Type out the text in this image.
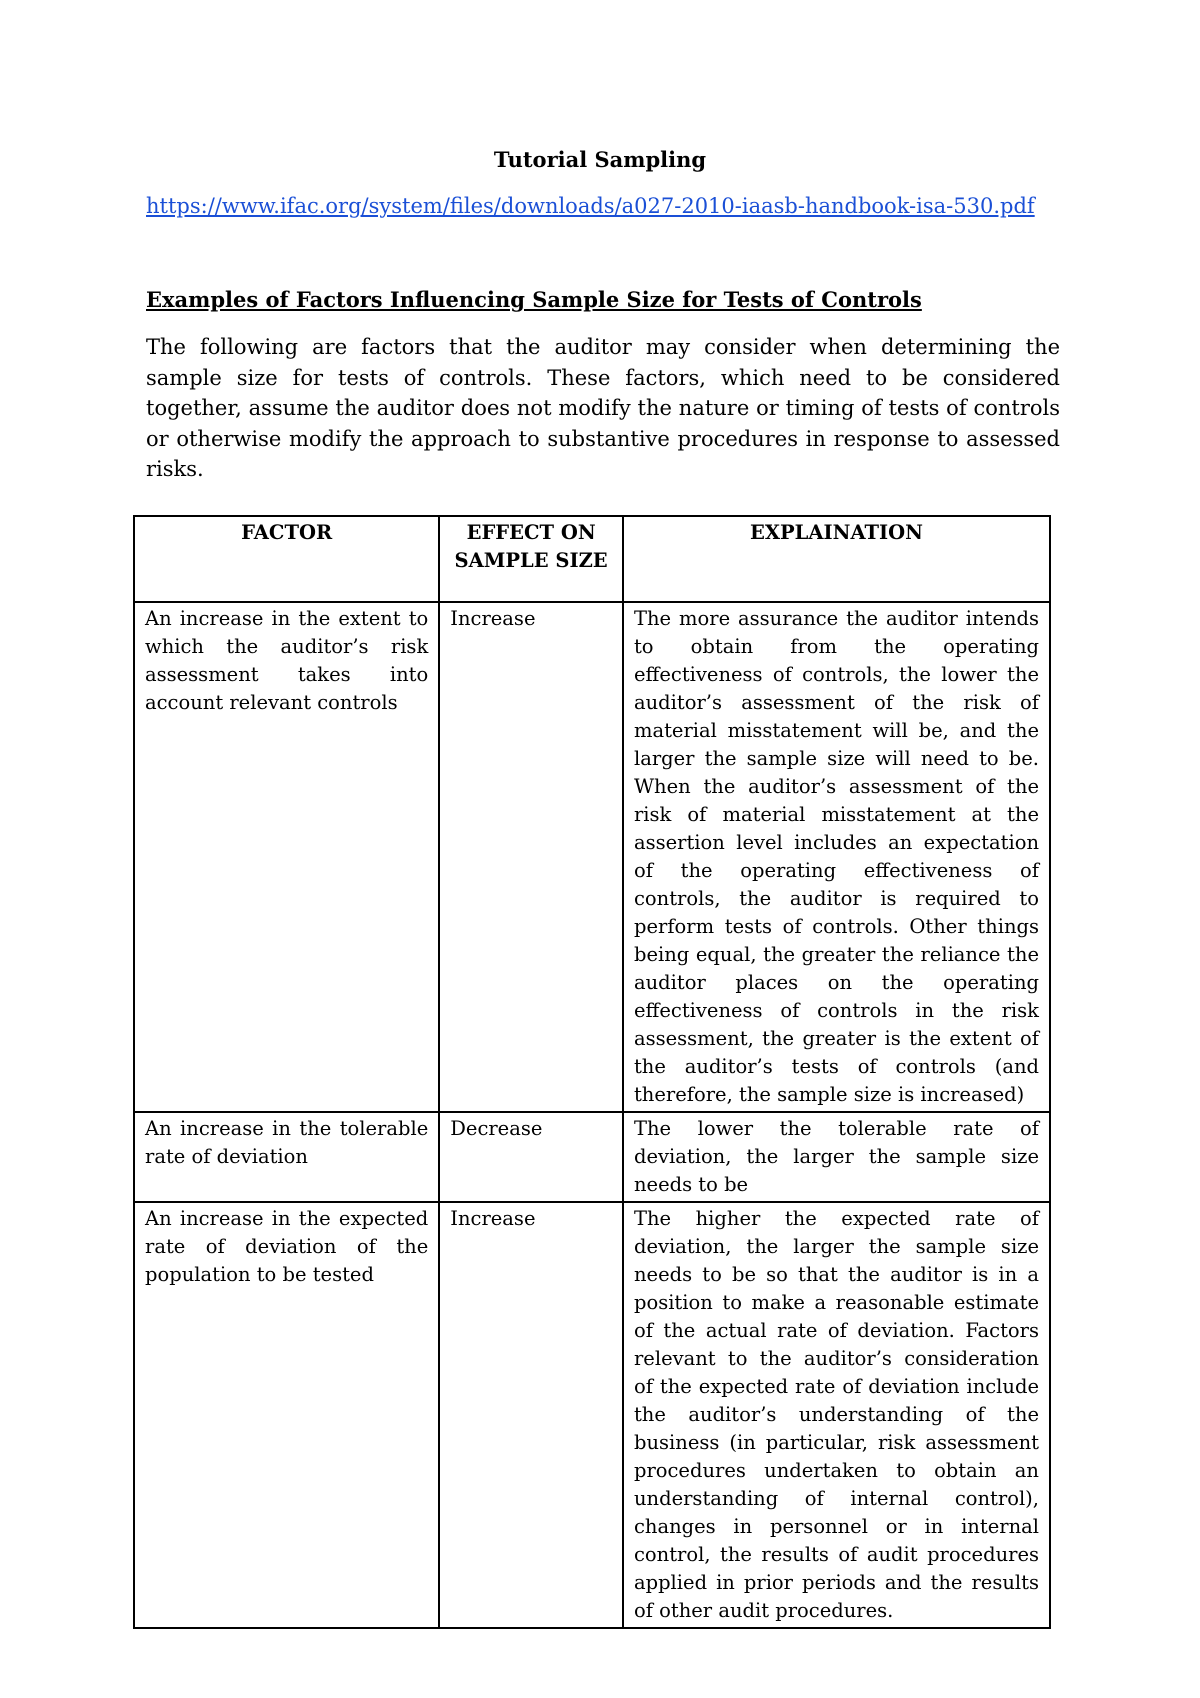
Tutorial Sampling
https://www.ifac.org/system/files/downloads/a027-2010-iaasb-handbook-isa-530.pdf
Examples of Factors Influencing Sample Size for Tests of Controls

The following are factors that the auditor may consider when determining the sample size for tests of controls. These factors, which need to be considered together, assume the auditor does not modify the nature or timing of tests of controls or otherwise modify the approach to substantive procedures in response to assessed risks.

FACTOR	EFFECT ON SAMPLE SIZE	EXPLAINATION
An increase in the extent to which the auditor’s risk assessment takes into account relevant controls	Increase	The more assurance the auditor intends to obtain from the operating effectiveness of controls, the lower the auditor’s assessment of the risk of material misstatement will be, and the larger the sample size will need to be. When the auditor’s assessment of the risk of material misstatement at the assertion level includes an expectation of the operating effectiveness of controls, the auditor is required to perform tests of controls. Other things being equal, the greater the reliance the auditor places on the operating effectiveness of controls in the risk assessment, the greater is the extent of the auditor’s tests of controls (and therefore, the sample size is increased)
An increase in the tolerable rate of deviation	Decrease	The lower the tolerable rate of deviation, the larger the sample size needs to be
An increase in the expected rate of deviation of the population to be tested	Increase	The higher the expected rate of deviation, the larger the sample size needs to be so that the auditor is in a position to make a reasonable estimate of the actual rate of deviation. Factors relevant to the auditor’s consideration of the expected rate of deviation include the auditor’s understanding of the business (in particular, risk assessment procedures undertaken to obtain an understanding of internal control), changes in personnel or in internal control, the results of audit procedures applied in prior periods and the results of other audit procedures.
